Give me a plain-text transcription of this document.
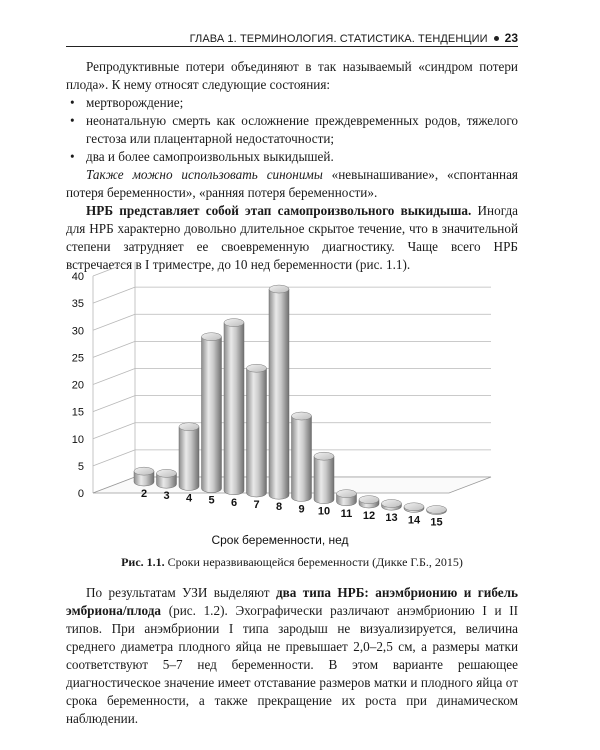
ГЛАВА 1. ТЕРМИНОЛОГИЯ. СТАТИСТИКА. ТЕНДЕНЦИИ 23

Репродуктивные потери объединяют в так называемый «синдром потери плода». К нему относят следующие состояния:

• мертворождение;
• неонатальную смерть как осложнение преждевременных родов, тяжелого гестоза или плацентарной недостаточности;
• два и более самопроизвольных выкидышей.

Также можно использовать синонимы «невынашивание», «спонтанная потеря беременности», «ранняя потеря беременности».

НРБ представляет собой этап самопроизвольного выкидыша. Иногда для НРБ характерно довольно длительное скрытое течение, что в значительной степени затрудняет ее своевременную диагностику. Чаще всего НРБ встречается в I триместре, до 10 нед беременности (рис. 1.1).

0
5
10
15
20
25
30
35
40
2 3 4 5 6 7 8 9 10 11 12 13 14 15
Срок беременности, нед
Рис. 1.1. Сроки неразвивающейся беременности (Дикке Г.Б., 2015)

По результатам УЗИ выделяют два типа НРБ: анэмбрионию и гибель эмбриона/плода (рис. 1.2). Эхографически различают анэмбрионию I и II типов. При анэмбрионии I типа зародыш не визуализируется, величина среднего диаметра плодного яйца не превышает 2,0–2,5 см, а размеры матки соответствуют 5–7 нед беременности. В этом варианте решающее диагностическое значение имеет отставание размеров матки и плодного яйца от срока беременности, а также прекращение их роста при динамическом наблюдении.
